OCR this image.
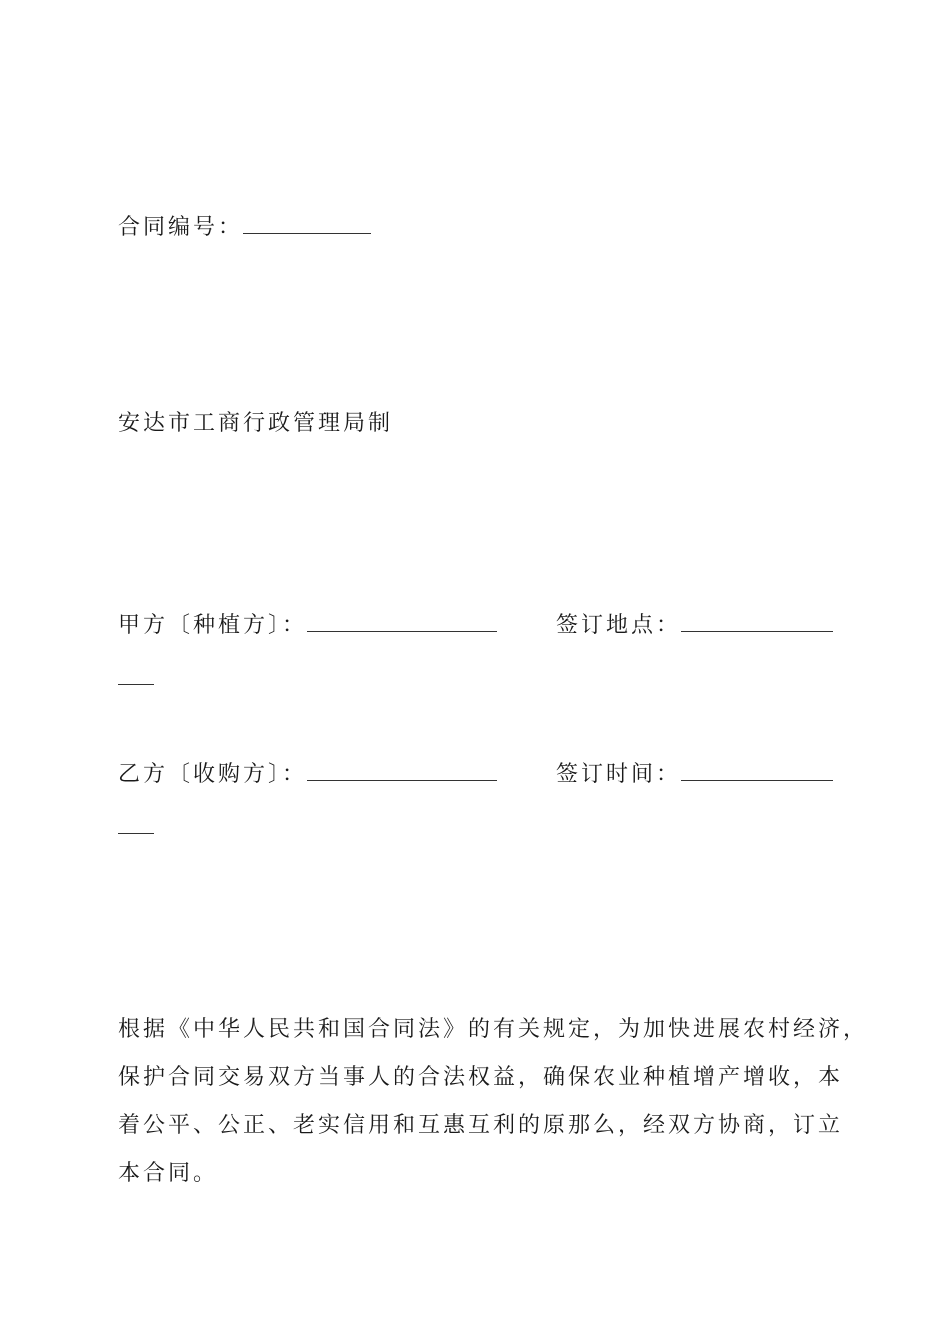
合同编号：
安达市工商行政管理局制
甲方〔种植方〕：	签订地点：
乙方〔收购方〕：	签订时间：

根据《中华人民共和国合同法》的有关规定，为加快进展农村经济，

保护合同交易双方当事人的合法权益，确保农业种植增产增收，本

着公平、公正、老实信用和互惠互利的原那么，经双方协商，订立

本合同。
